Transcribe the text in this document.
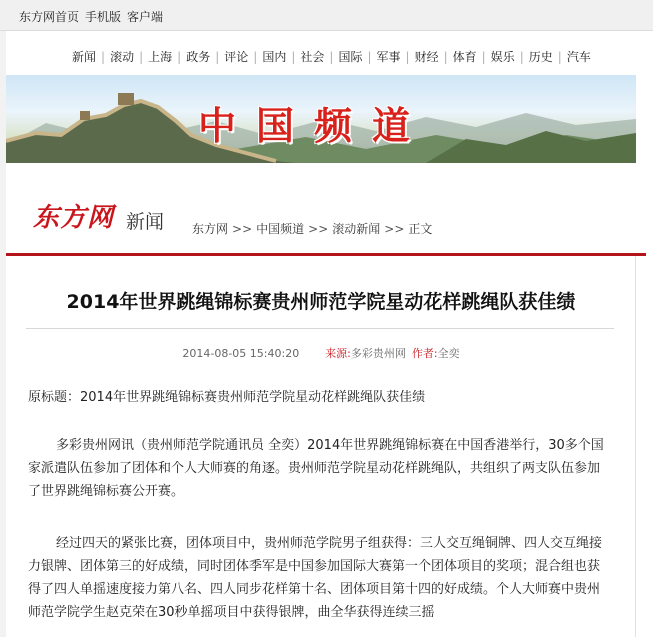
东方网首页 手机版 客户端
新闻 | 滚动 | 上海 | 政务 | 评论 | 国内 | 社会 | 国际 | 军事 | 财经 | 体育 | 娱乐 | 历史 | 汽车
中国频道
东方网 新闻 东方网 >> 中国频道 >> 滚动新闻 >> 正文
2014年世界跳绳锦标赛贵州师范学院星动花样跳绳队获佳绩
2014-08-05 15:40:20 来源:多彩贵州网 作者:全奕

原标题：2014年世界跳绳锦标赛贵州师范学院星动花样跳绳队获佳绩

多彩贵州网讯（贵州师范学院通讯员 全奕）2014年世界跳绳锦标赛在中国香港举行，30多个国家派遣队伍参加了团体和个人大师赛的角逐。贵州师范学院星动花样跳绳队，共组织了两支队伍参加了世界跳绳锦标赛公开赛。

经过四天的紧张比赛，团体项目中，贵州师范学院男子组获得：三人交互绳铜牌、四人交互绳接力银牌、团体第三的好成绩，同时团体季军是中国参加国际大赛第一个团体项目的奖项；混合组也获得了四人单摇速度接力第八名、四人同步花样第十名、团体项目第十四的好成绩。个人大师赛中贵州师范学院学生赵克荣在30秒单摇项目中获得银牌，曲全华获得连续三摇
